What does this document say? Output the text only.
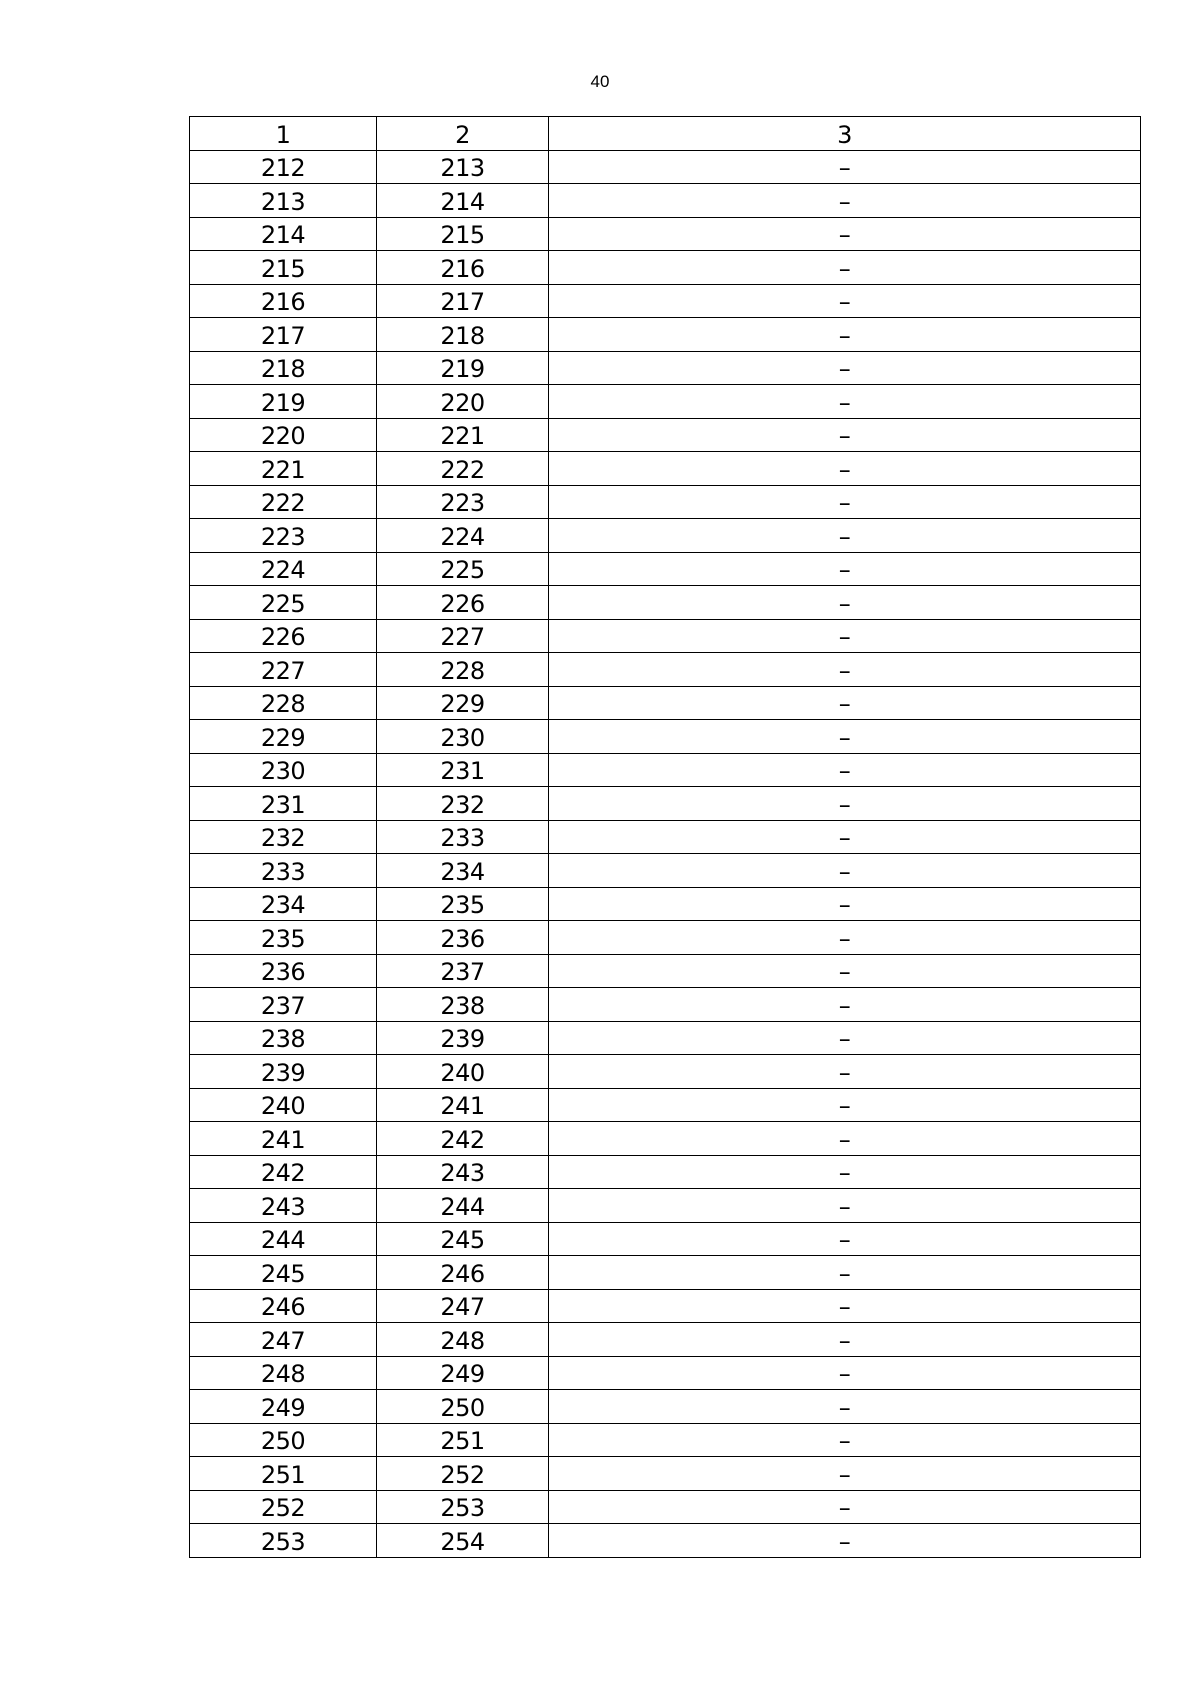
40
1	2	3
212	213	–
213	214	–
214	215	–
215	216	–
216	217	–
217	218	–
218	219	–
219	220	–
220	221	–
221	222	–
222	223	–
223	224	–
224	225	–
225	226	–
226	227	–
227	228	–
228	229	–
229	230	–
230	231	–
231	232	–
232	233	–
233	234	–
234	235	–
235	236	–
236	237	–
237	238	–
238	239	–
239	240	–
240	241	–
241	242	–
242	243	–
243	244	–
244	245	–
245	246	–
246	247	–
247	248	–
248	249	–
249	250	–
250	251	–
251	252	–
252	253	–
253	254	–
